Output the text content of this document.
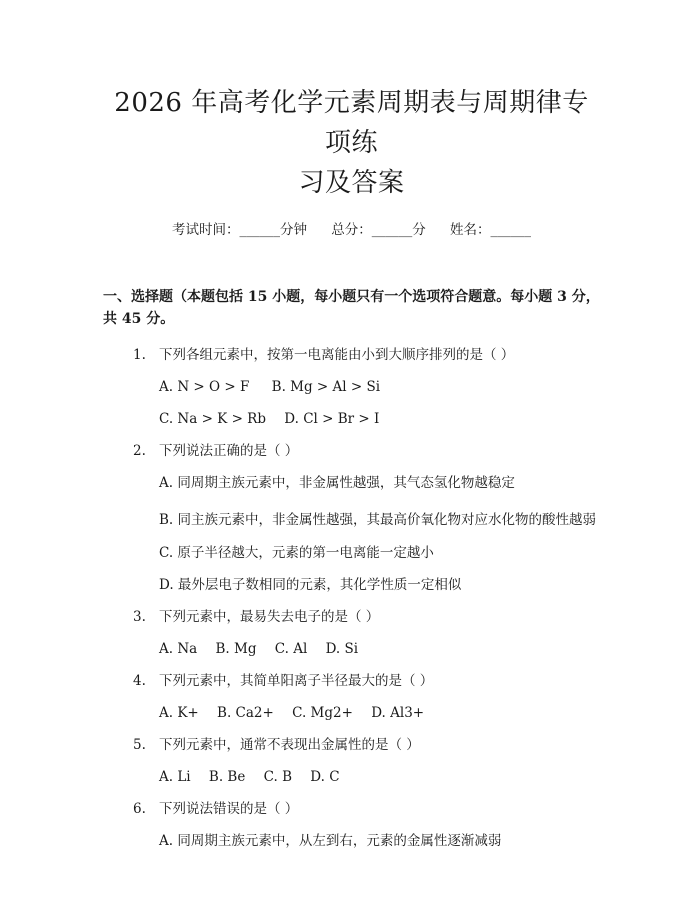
2026 年高考化学元素周期表与周期律专项练
习及答案
考试时间：______分钟 总分：______分 姓名：______
一、选择题（本题包括 15 小题，每小题只有一个选项符合题意。每小题 3 分，共 45 分。
1. 下列各组元素中，按第一电离能由小到大顺序排列的是（ ）
A. N > O > F B. Mg > Al > Si
C. Na > K > Rb D. Cl > Br > I
2. 下列说法正确的是（ ）
A. 同周期主族元素中，非金属性越强，其气态氢化物越稳定
B. 同主族元素中，非金属性越强，其最高价氧化物对应水化物的酸性越弱
C. 原子半径越大，元素的第一电离能一定越小
D. 最外层电子数相同的元素，其化学性质一定相似
3. 下列元素中，最易失去电子的是（ ）
A. Na B. Mg C. Al D. Si
4. 下列元素中，其简单阳离子半径最大的是（ ）
A. K+ B. Ca2+ C. Mg2+ D. Al3+
5. 下列元素中，通常不表现出金属性的是（ ）
A. Li B. Be C. B D. C
6. 下列说法错误的是（ ）
A. 同周期主族元素中，从左到右，元素的金属性逐渐减弱
